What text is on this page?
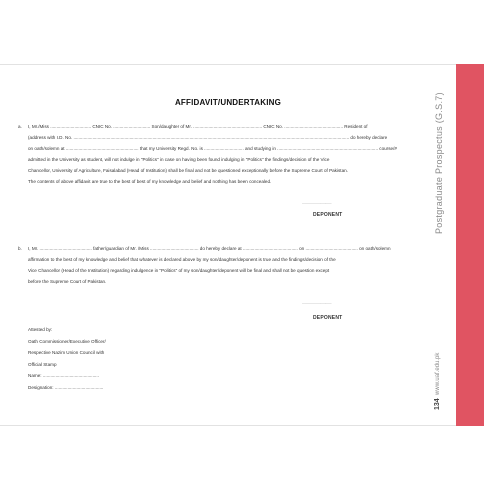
Postgraduate Prospectus (G.S.7)
134  www.uaf.edu.pk
AFFIDAVIT/UNDERTAKING
a. I, Mr./Miss ................................ CNIC No. ............................. Son/daughter of Mr. ...................................................... CNIC No. .............................................. Resident of
(address with I.D. No. ........................................................................................................................................................................................................................ do hereby declare
on oath/solemn at ......................................................... that my University Regd. No. is ............................... and studying in ............................................................................... course/#
admitted in the University as student, will not indulge in "Politics" in case on having been found indulging in "Politics" the findings/decision of the Vice
Chancellor, University of Agriculture, Faisalabad (Head of Institution) shall be final and not be questioned exceptionally before the Supreme Court of Pakistan.
The contents of above affidavit are true to the best of best of my knowledge and belief and nothing has been concealed.
..............................
DEPONENT
b. I, Mr. ......................................... father/guardian of Mr. /Miss ...................................... do hereby declare at ........................................... on ......................................... on oath/solemn
affirmation to the best of my knowledge and belief that whatever is declared above by my son/daughter/deponent is true and the findings/decision of the
Vice Chancellor (Head of the Institution) regarding indulgence in "Politics" of my son/daughter/deponent will be final and shall not be question except
before the Supreme Court of Pakistan.
..............................
DEPONENT
Attested by:
Oath Commissioner/Executive Officer/
Respective Nazim Union Council with
Official Stamp
Name: ............................................
Designation: ......................................
